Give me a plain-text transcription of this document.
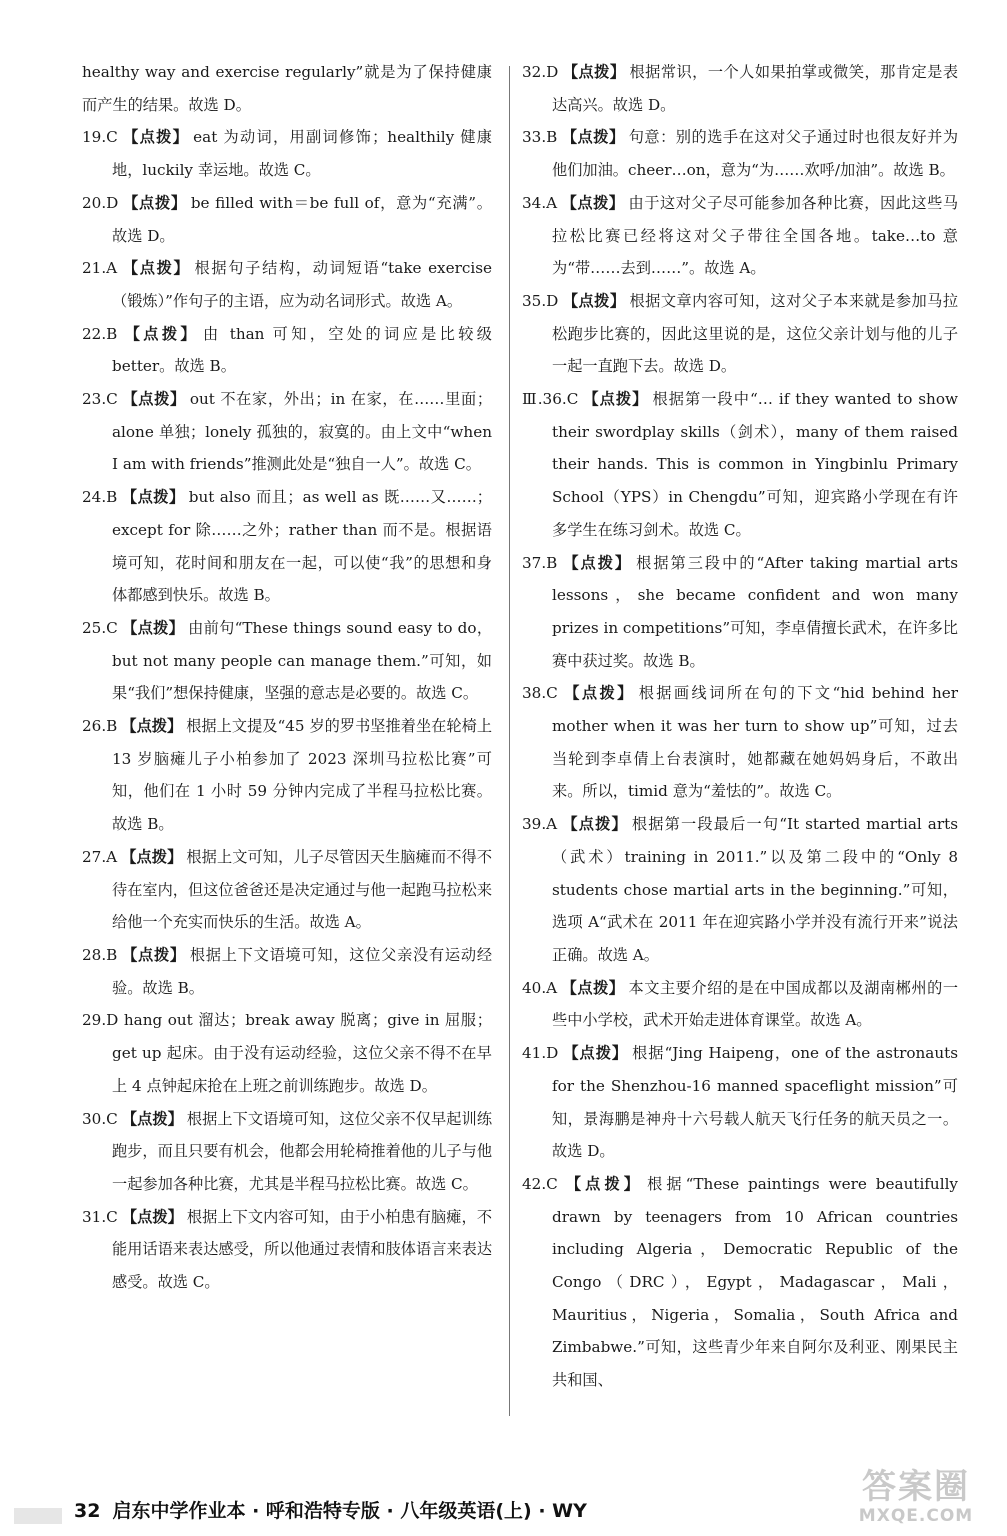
healthy way and exercise regularly”就是为了保持健康而产生的结果。故选 D。
19.C 【点拨】 eat 为动词，用副词修饰；healthily 健康地，luckily 幸运地。故选 C。
20.D 【点拨】 be filled with＝be full of，意为“充满”。故选 D。
21.A 【点拨】 根据句子结构，动词短语“take exercise（锻炼）”作句子的主语，应为动名词形式。故选 A。
22.B 【点拨】 由 than 可知，空处的词应是比较级 better。故选 B。
23.C 【点拨】 out 不在家，外出；in 在家，在……里面；alone 单独；lonely 孤独的，寂寞的。由上文中“when I am with friends”推测此处是“独自一人”。故选 C。
24.B 【点拨】 but also 而且；as well as 既……又……；except for 除……之外；rather than 而不是。根据语境可知，花时间和朋友在一起，可以使“我”的思想和身体都感到快乐。故选 B。
25.C 【点拨】 由前句“These things sound easy to do，but not many people can manage them.”可知，如果“我们”想保持健康，坚强的意志是必要的。故选 C。
26.B 【点拨】 根据上文提及“45 岁的罗书坚推着坐在轮椅上 13 岁脑瘫儿子小柏参加了 2023 深圳马拉松比赛”可知，他们在 1 小时 59 分钟内完成了半程马拉松比赛。故选 B。
27.A 【点拨】 根据上文可知，儿子尽管因天生脑瘫而不得不待在室内，但这位爸爸还是决定通过与他一起跑马拉松来给他一个充实而快乐的生活。故选 A。
28.B 【点拨】 根据上下文语境可知，这位父亲没有运动经验。故选 B。
29.D hang out 溜达；break away 脱离；give in 屈服；get up 起床。由于没有运动经验，这位父亲不得不在早上 4 点钟起床抢在上班之前训练跑步。故选 D。
30.C 【点拨】 根据上下文语境可知，这位父亲不仅早起训练跑步，而且只要有机会，他都会用轮椅推着他的儿子与他一起参加各种比赛，尤其是半程马拉松比赛。故选 C。
31.C 【点拨】 根据上下文内容可知，由于小柏患有脑瘫，不能用话语来表达感受，所以他通过表情和肢体语言来表达感受。故选 C。
32.D 【点拨】 根据常识，一个人如果拍掌或微笑，那肯定是表达高兴。故选 D。
33.B 【点拨】 句意：别的选手在这对父子通过时也很友好并为他们加油。cheer…on，意为“为……欢呼/加油”。故选 B。
34.A 【点拨】 由于这对父子尽可能参加各种比赛，因此这些马拉松比赛已经将这对父子带往全国各地。take…to 意为“带……去到……”。故选 A。
35.D 【点拨】 根据文章内容可知，这对父子本来就是参加马拉松跑步比赛的，因此这里说的是，这位父亲计划与他的儿子一起一直跑下去。故选 D。
Ⅲ.36.C 【点拨】 根据第一段中“… if they wanted to show their swordplay skills（剑术），many of them raised their hands. This is common in Yingbinlu Primary School（YPS）in Chengdu”可知，迎宾路小学现在有许多学生在练习剑术。故选 C。
37.B 【点拨】 根据第三段中的“After taking martial arts lessons，she became confident and won many prizes in competitions”可知，李卓倩擅长武术，在许多比赛中获过奖。故选 B。
38.C 【点拨】 根据画线词所在句的下文“hid behind her mother when it was her turn to show up”可知，过去当轮到李卓倩上台表演时，她都藏在她妈妈身后，不敢出来。所以，timid 意为“羞怯的”。故选 C。
39.A 【点拨】 根据第一段最后一句“It started martial arts（武术）training in 2011.”以及第二段中的“Only 8 students chose martial arts in the beginning.”可知，选项 A“武术在 2011 年在迎宾路小学并没有流行开来”说法正确。故选 A。
40.A 【点拨】 本文主要介绍的是在中国成都以及湖南郴州的一些中小学校，武术开始走进体育课堂。故选 A。
41.D 【点拨】 根据“Jing Haipeng，one of the astronauts for the Shenzhou-16 manned spaceflight mission”可知，景海鹏是神舟十六号载人航天飞行任务的航天员之一。故选 D。
42.C 【点拨】 根据“These paintings were beautifully drawn by teenagers from 10 African countries including Algeria，Democratic Republic of the Congo（DRC），Egypt，Madagascar，Mali，Mauritius，Nigeria，Somalia，South Africa and Zimbabwe.”可知，这些青少年来自阿尔及利亚、刚果民主共和国、
32 启东中学作业本 · 呼和浩特专版 · 八年级英语(上) · WY
答案圈
MXQE.COM
